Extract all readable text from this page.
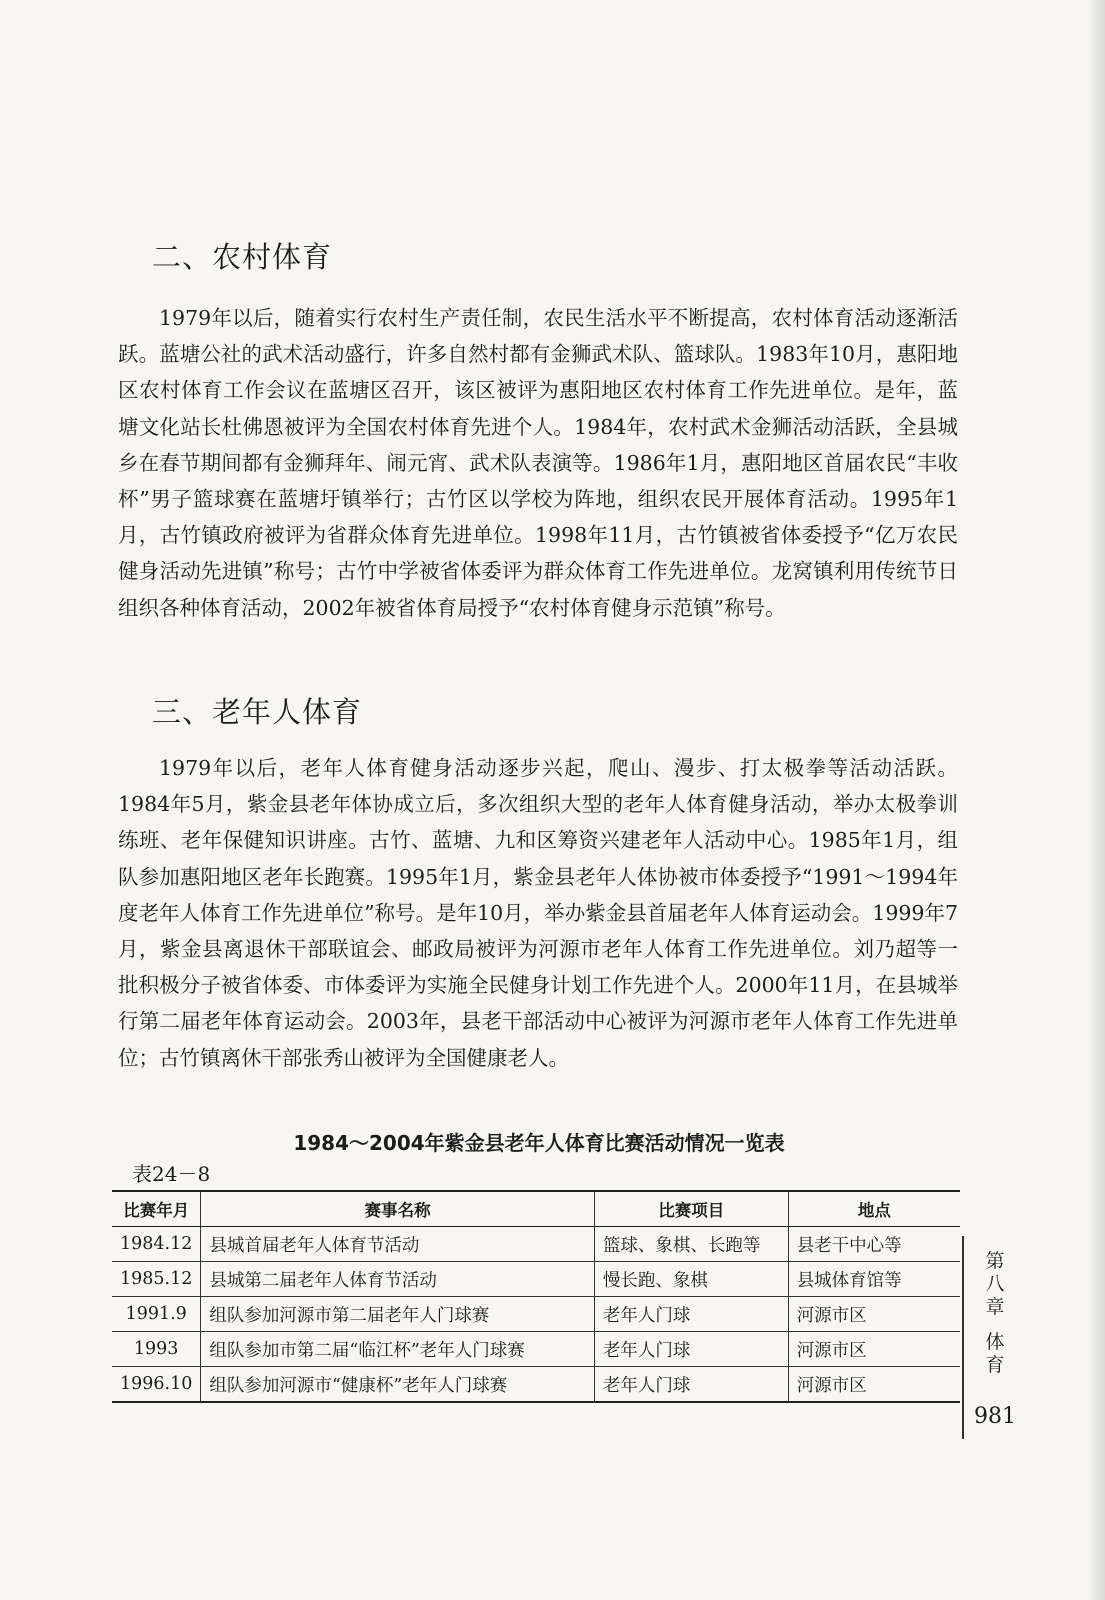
二、农村体育

1979年以后，随着实行农村生产责任制，农民生活水平不断提高，农村体育活动逐渐活跃。蓝塘公社的武术活动盛行，许多自然村都有金狮武术队、篮球队。1983年10月，惠阳地区农村体育工作会议在蓝塘区召开，该区被评为惠阳地区农村体育工作先进单位。是年，蓝塘文化站长杜佛恩被评为全国农村体育先进个人。1984年，农村武术金狮活动活跃，全县城乡在春节期间都有金狮拜年、闹元宵、武术队表演等。1986年1月，惠阳地区首届农民“丰收杯”男子篮球赛在蓝塘圩镇举行；古竹区以学校为阵地，组织农民开展体育活动。1995年1月，古竹镇政府被评为省群众体育先进单位。1998年11月，古竹镇被省体委授予“亿万农民健身活动先进镇”称号；古竹中学被省体委评为群众体育工作先进单位。龙窝镇利用传统节日组织各种体育活动，2002年被省体育局授予“农村体育健身示范镇”称号。

三、老年人体育

1979年以后，老年人体育健身活动逐步兴起，爬山、漫步、打太极拳等活动活跃。1984年5月，紫金县老年体协成立后，多次组织大型的老年人体育健身活动，举办太极拳训练班、老年保健知识讲座。古竹、蓝塘、九和区筹资兴建老年人活动中心。1985年1月，组队参加惠阳地区老年长跑赛。1995年1月，紫金县老年人体协被市体委授予“1991～1994年度老年人体育工作先进单位”称号。是年10月，举办紫金县首届老年人体育运动会。1999年7月，紫金县离退休干部联谊会、邮政局被评为河源市老年人体育工作先进单位。刘乃超等一批积极分子被省体委、市体委评为实施全民健身计划工作先进个人。2000年11月，在县城举行第二届老年体育运动会。2003年，县老干部活动中心被评为河源市老年人体育工作先进单位；古竹镇离休干部张秀山被评为全国健康老人。

1984～2004年紫金县老年人体育比赛活动情况一览表
表24－8
比赛年月	赛事名称	比赛项目	地点
1984.12	县城首届老年人体育节活动	篮球、象棋、长跑等	县老干中心等
1985.12	县城第二届老年人体育节活动	慢长跑、象棋	县城体育馆等
1991.9	组队参加河源市第二届老年人门球赛	老年人门球	河源市区
1993	组队参加市第二届“临江杯”老年人门球赛	老年人门球	河源市区
1996.10	组队参加河源市“健康杯”老年人门球赛	老年人门球	河源市区
第
八
章
体
育
981
